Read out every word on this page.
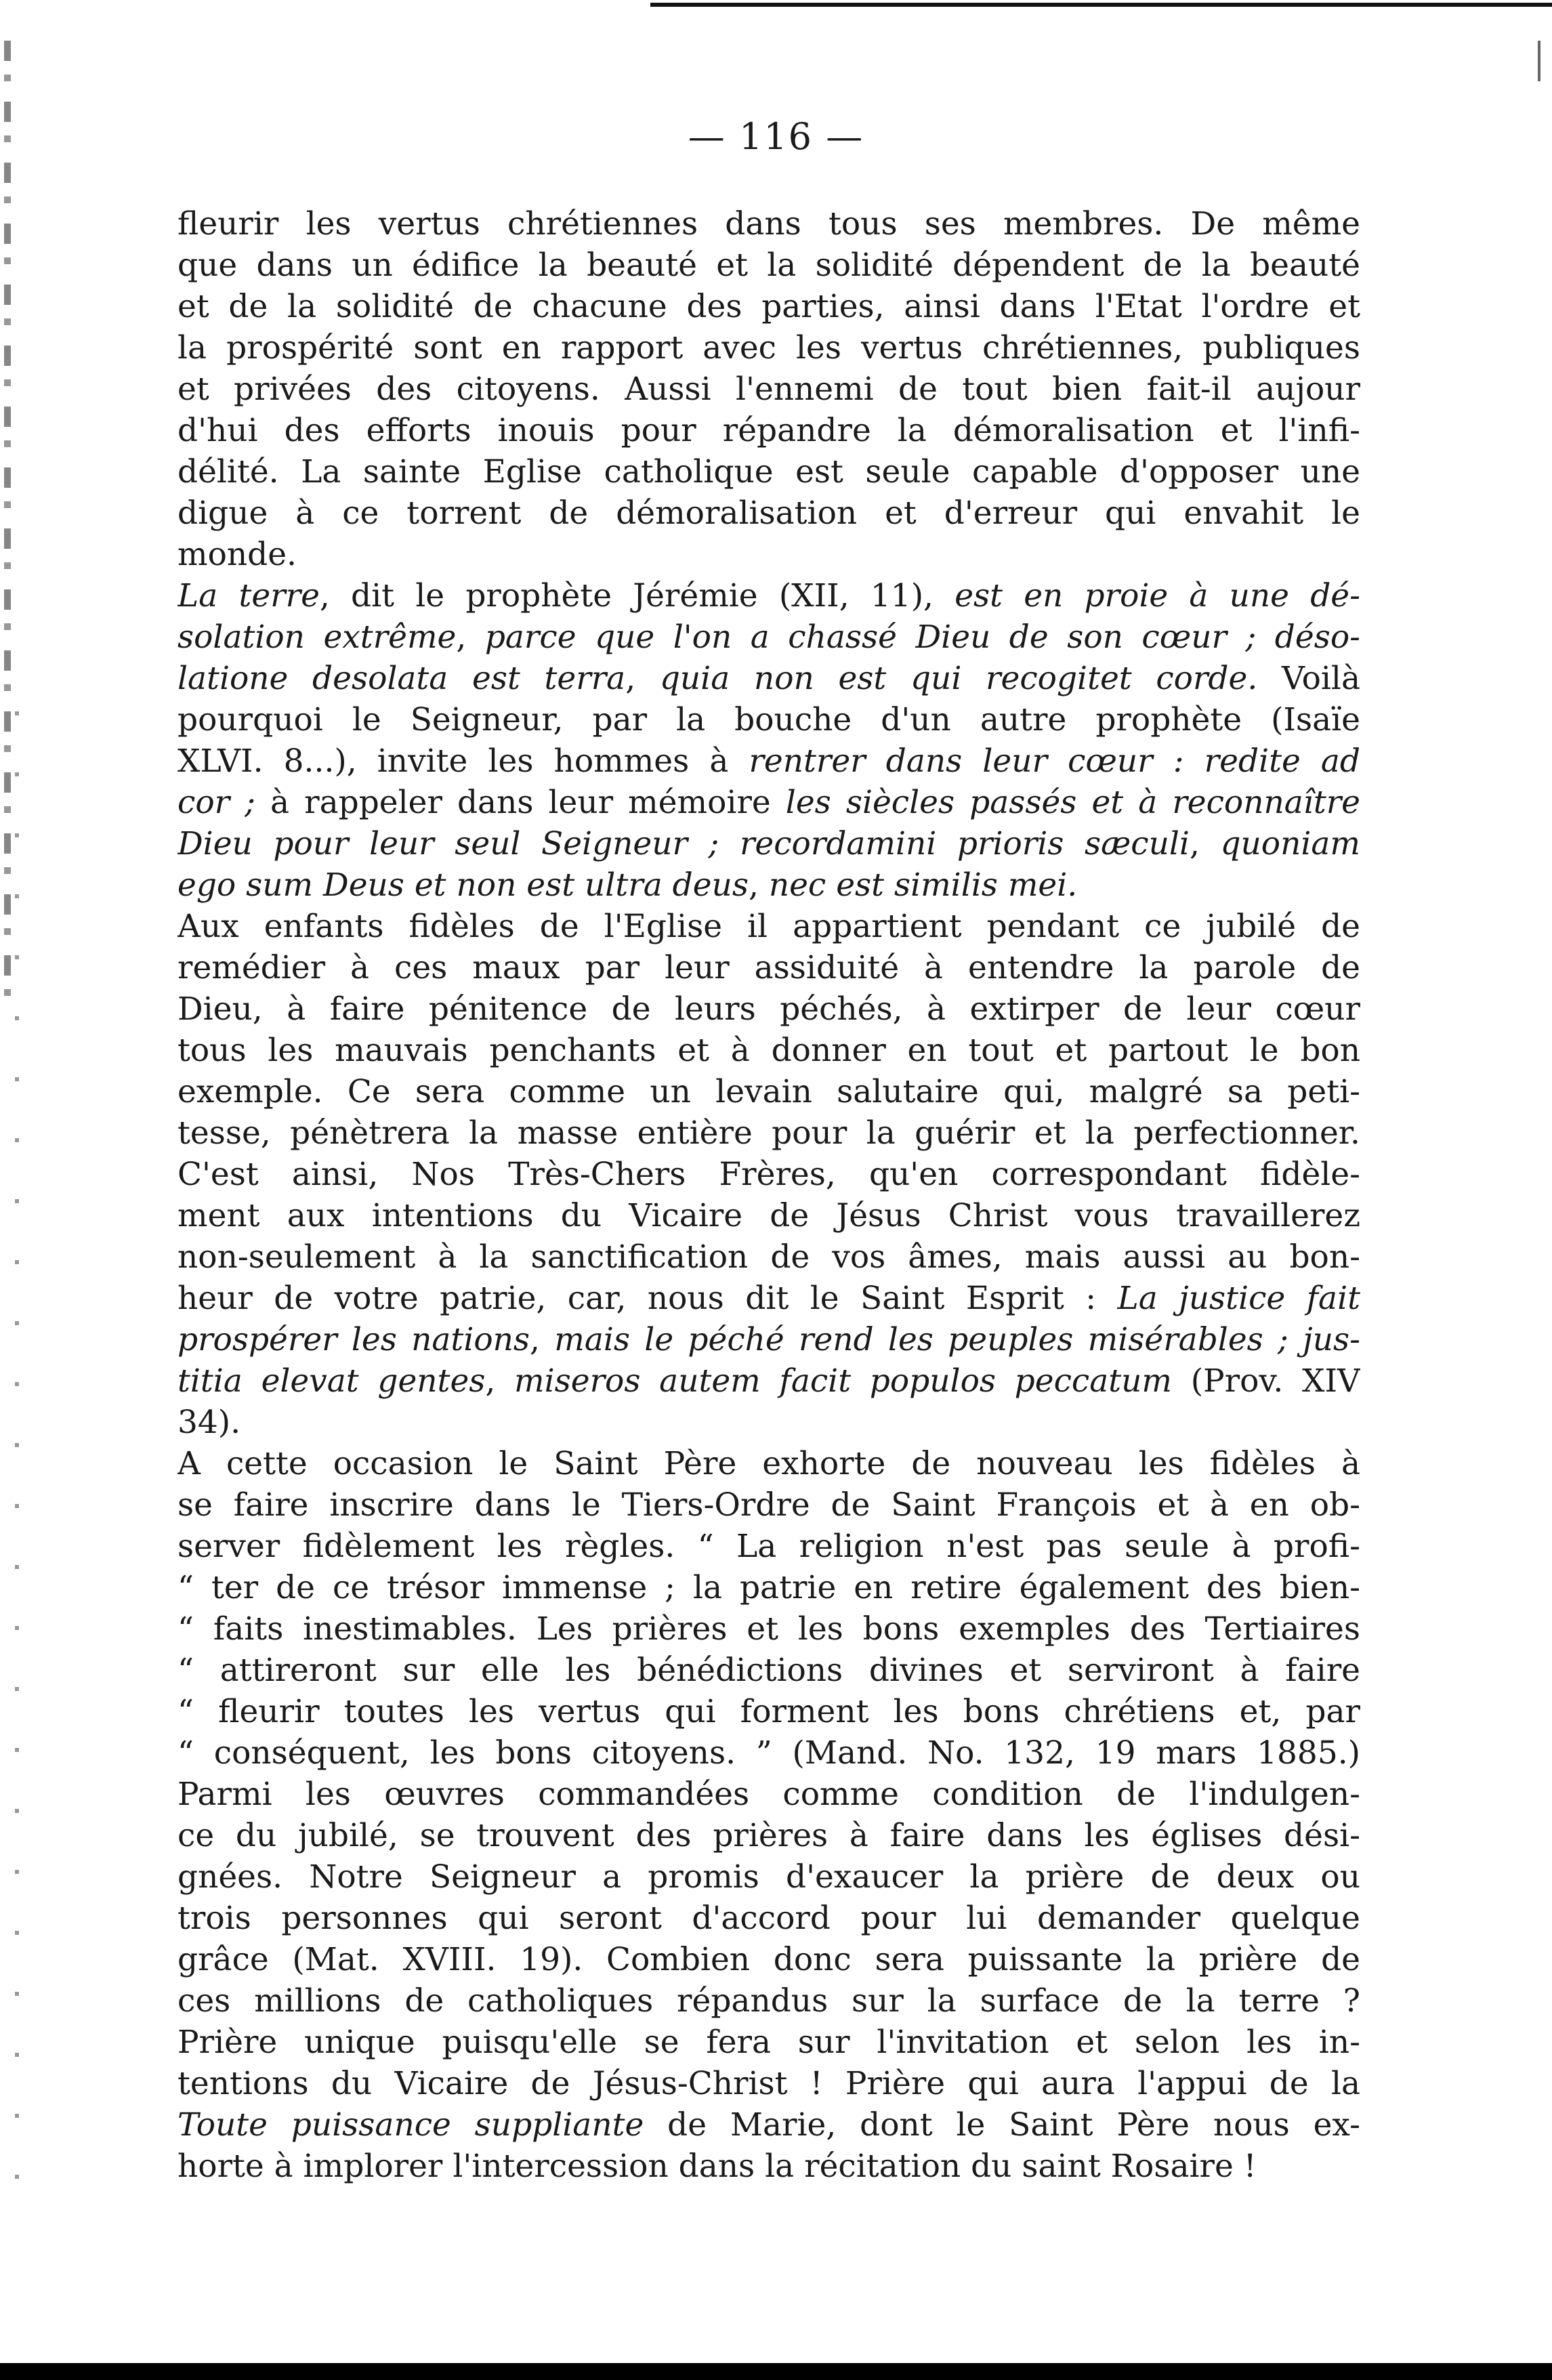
— 116 —
fleurir les vertus chrétiennes dans tous ses membres. De même
que dans un édifice la beauté et la solidité dépendent de la beauté
et de la solidité de chacune des parties, ainsi dans l'Etat l'ordre et
la prospérité sont en rapport avec les vertus chrétiennes, publiques
et privées des citoyens. Aussi l'ennemi de tout bien fait-il aujour
d'hui des efforts inouis pour répandre la démoralisation et l'infi-
délité. La sainte Eglise catholique est seule capable d'opposer une
digue à ce torrent de démoralisation et d'erreur qui envahit le
monde.
La terre, dit le prophète Jérémie (XII, 11), est en proie à une dé-
solation extrême, parce que l'on a chassé Dieu de son cœur ; déso-
latione desolata est terra, quia non est qui recogitet corde. Voilà
pourquoi le Seigneur, par la bouche d'un autre prophète (Isaïe
XLVI. 8...), invite les hommes à rentrer dans leur cœur : redite ad
cor ; à rappeler dans leur mémoire les siècles passés et à reconnaître
Dieu pour leur seul Seigneur ; recordamini prioris sæculi, quoniam
ego sum Deus et non est ultra deus, nec est similis mei.
Aux enfants fidèles de l'Eglise il appartient pendant ce jubilé de
remédier à ces maux par leur assiduité à entendre la parole de
Dieu, à faire pénitence de leurs péchés, à extirper de leur cœur
tous les mauvais penchants et à donner en tout et partout le bon
exemple. Ce sera comme un levain salutaire qui, malgré sa peti-
tesse, pénètrera la masse entière pour la guérir et la perfectionner.
C'est ainsi, Nos Très-Chers Frères, qu'en correspondant fidèle-
ment aux intentions du Vicaire de Jésus Christ vous travaillerez
non-seulement à la sanctification de vos âmes, mais aussi au bon-
heur de votre patrie, car, nous dit le Saint Esprit : La justice fait
prospérer les nations, mais le péché rend les peuples misérables ; jus-
titia elevat gentes, miseros autem facit populos peccatum (Prov. XIV
34).
A cette occasion le Saint Père exhorte de nouveau les fidèles à
se faire inscrire dans le Tiers-Ordre de Saint François et à en ob-
server fidèlement les règles. “ La religion n'est pas seule à profi-
“ ter de ce trésor immense ; la patrie en retire également des bien-
“ faits inestimables. Les prières et les bons exemples des Tertiaires
“ attireront sur elle les bénédictions divines et serviront à faire
“ fleurir toutes les vertus qui forment les bons chrétiens et, par
“ conséquent, les bons citoyens. ” (Mand. No. 132, 19 mars 1885.)
Parmi les œuvres commandées comme condition de l'indulgen-
ce du jubilé, se trouvent des prières à faire dans les églises dési-
gnées. Notre Seigneur a promis d'exaucer la prière de deux ou
trois personnes qui seront d'accord pour lui demander quelque
grâce (Mat. XVIII. 19). Combien donc sera puissante la prière de
ces millions de catholiques répandus sur la surface de la terre ?
Prière unique puisqu'elle se fera sur l'invitation et selon les in-
tentions du Vicaire de Jésus-Christ ! Prière qui aura l'appui de la
Toute puissance suppliante de Marie, dont le Saint Père nous ex-
horte à implorer l'intercession dans la récitation du saint Rosaire !
